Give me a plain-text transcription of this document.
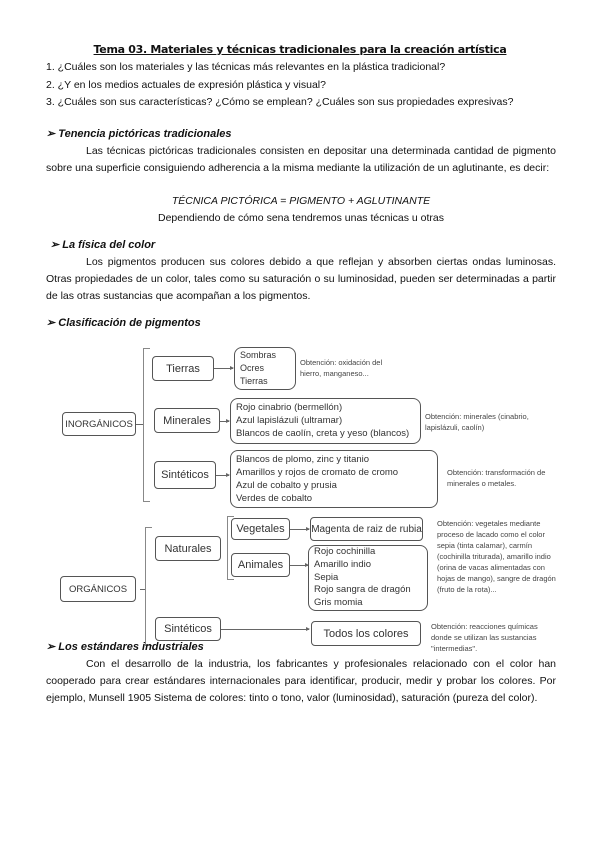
Tema 03. Materiales y técnicas tradicionales para la creación artística
1. ¿Cuáles son los materiales y las técnicas más relevantes en la plástica tradicional?
2. ¿Y en los medios actuales de expresión plástica y visual?
3. ¿Cuáles son sus características? ¿Cómo se emplean? ¿Cuáles son sus propiedades expresivas?
➢ Tenencia pictóricas tradicionales
Las técnicas pictóricas tradicionales consisten en depositar una determinada cantidad de pigmento sobre una superficie consiguiendo adherencia a la misma mediante la utilización de un aglutinante, es decir:
TÉCNICA PICTÓRICA = PIGMENTO + AGLUTINANTE
Dependiendo de cómo sena tendremos unas técnicas u otras
➢ La física del color
Los pigmentos producen sus colores debido a que reflejan y absorben ciertas ondas luminosas. Otras propiedades de un color, tales como su saturación o su luminosidad, pueden ser determinadas a partir de las otras sustancias que acompañan a los pigmentos.
➢ Clasificación de pigmentos
INORGÁNICOS
Tierras
Sombras
Ocres
Tierras
Obtención: oxidación del hierro, manganeso...
Minerales
Rojo cinabrio (bermellón)
Azul lapislázuli (ultramar)
Blancos de caolín, creta y yeso (blancos)
Obtención: minerales (cinabrio, lapislázuli, caolín)
Sintéticos
Blancos de plomo, zinc y titanio
Amarillos y rojos de cromato de cromo
Azul de cobalto y prusia
Verdes de cobalto
Obtención: transformación de minerales o metales.
ORGÁNICOS
Naturales
Vegetales	Magenta de raiz de rubia
Animales
Rojo cochinilla
Amarillo indio
Sepia
Rojo sangra de dragón
Gris momia
Obtención: vegetales mediante proceso de lacado como el color sepia (tinta calamar), carmín (cochinilla triturada), amarillo indio (orina de vacas alimentadas con hojas de mango), sangre de dragón (fruto de la rota)...
Sintéticos	Todos los colores
Obtención: reacciones químicas donde se utilizan las sustancias "intermedias".
➢ Los estándares industriales
Con el desarrollo de la industria, los fabricantes y profesionales relacionado con el color han cooperado para crear estándares internacionales para identificar, producir, medir y probar los colores. Por ejemplo, Munsell 1905 Sistema de colores: tinto o tono, valor (luminosidad), saturación (pureza del color).
